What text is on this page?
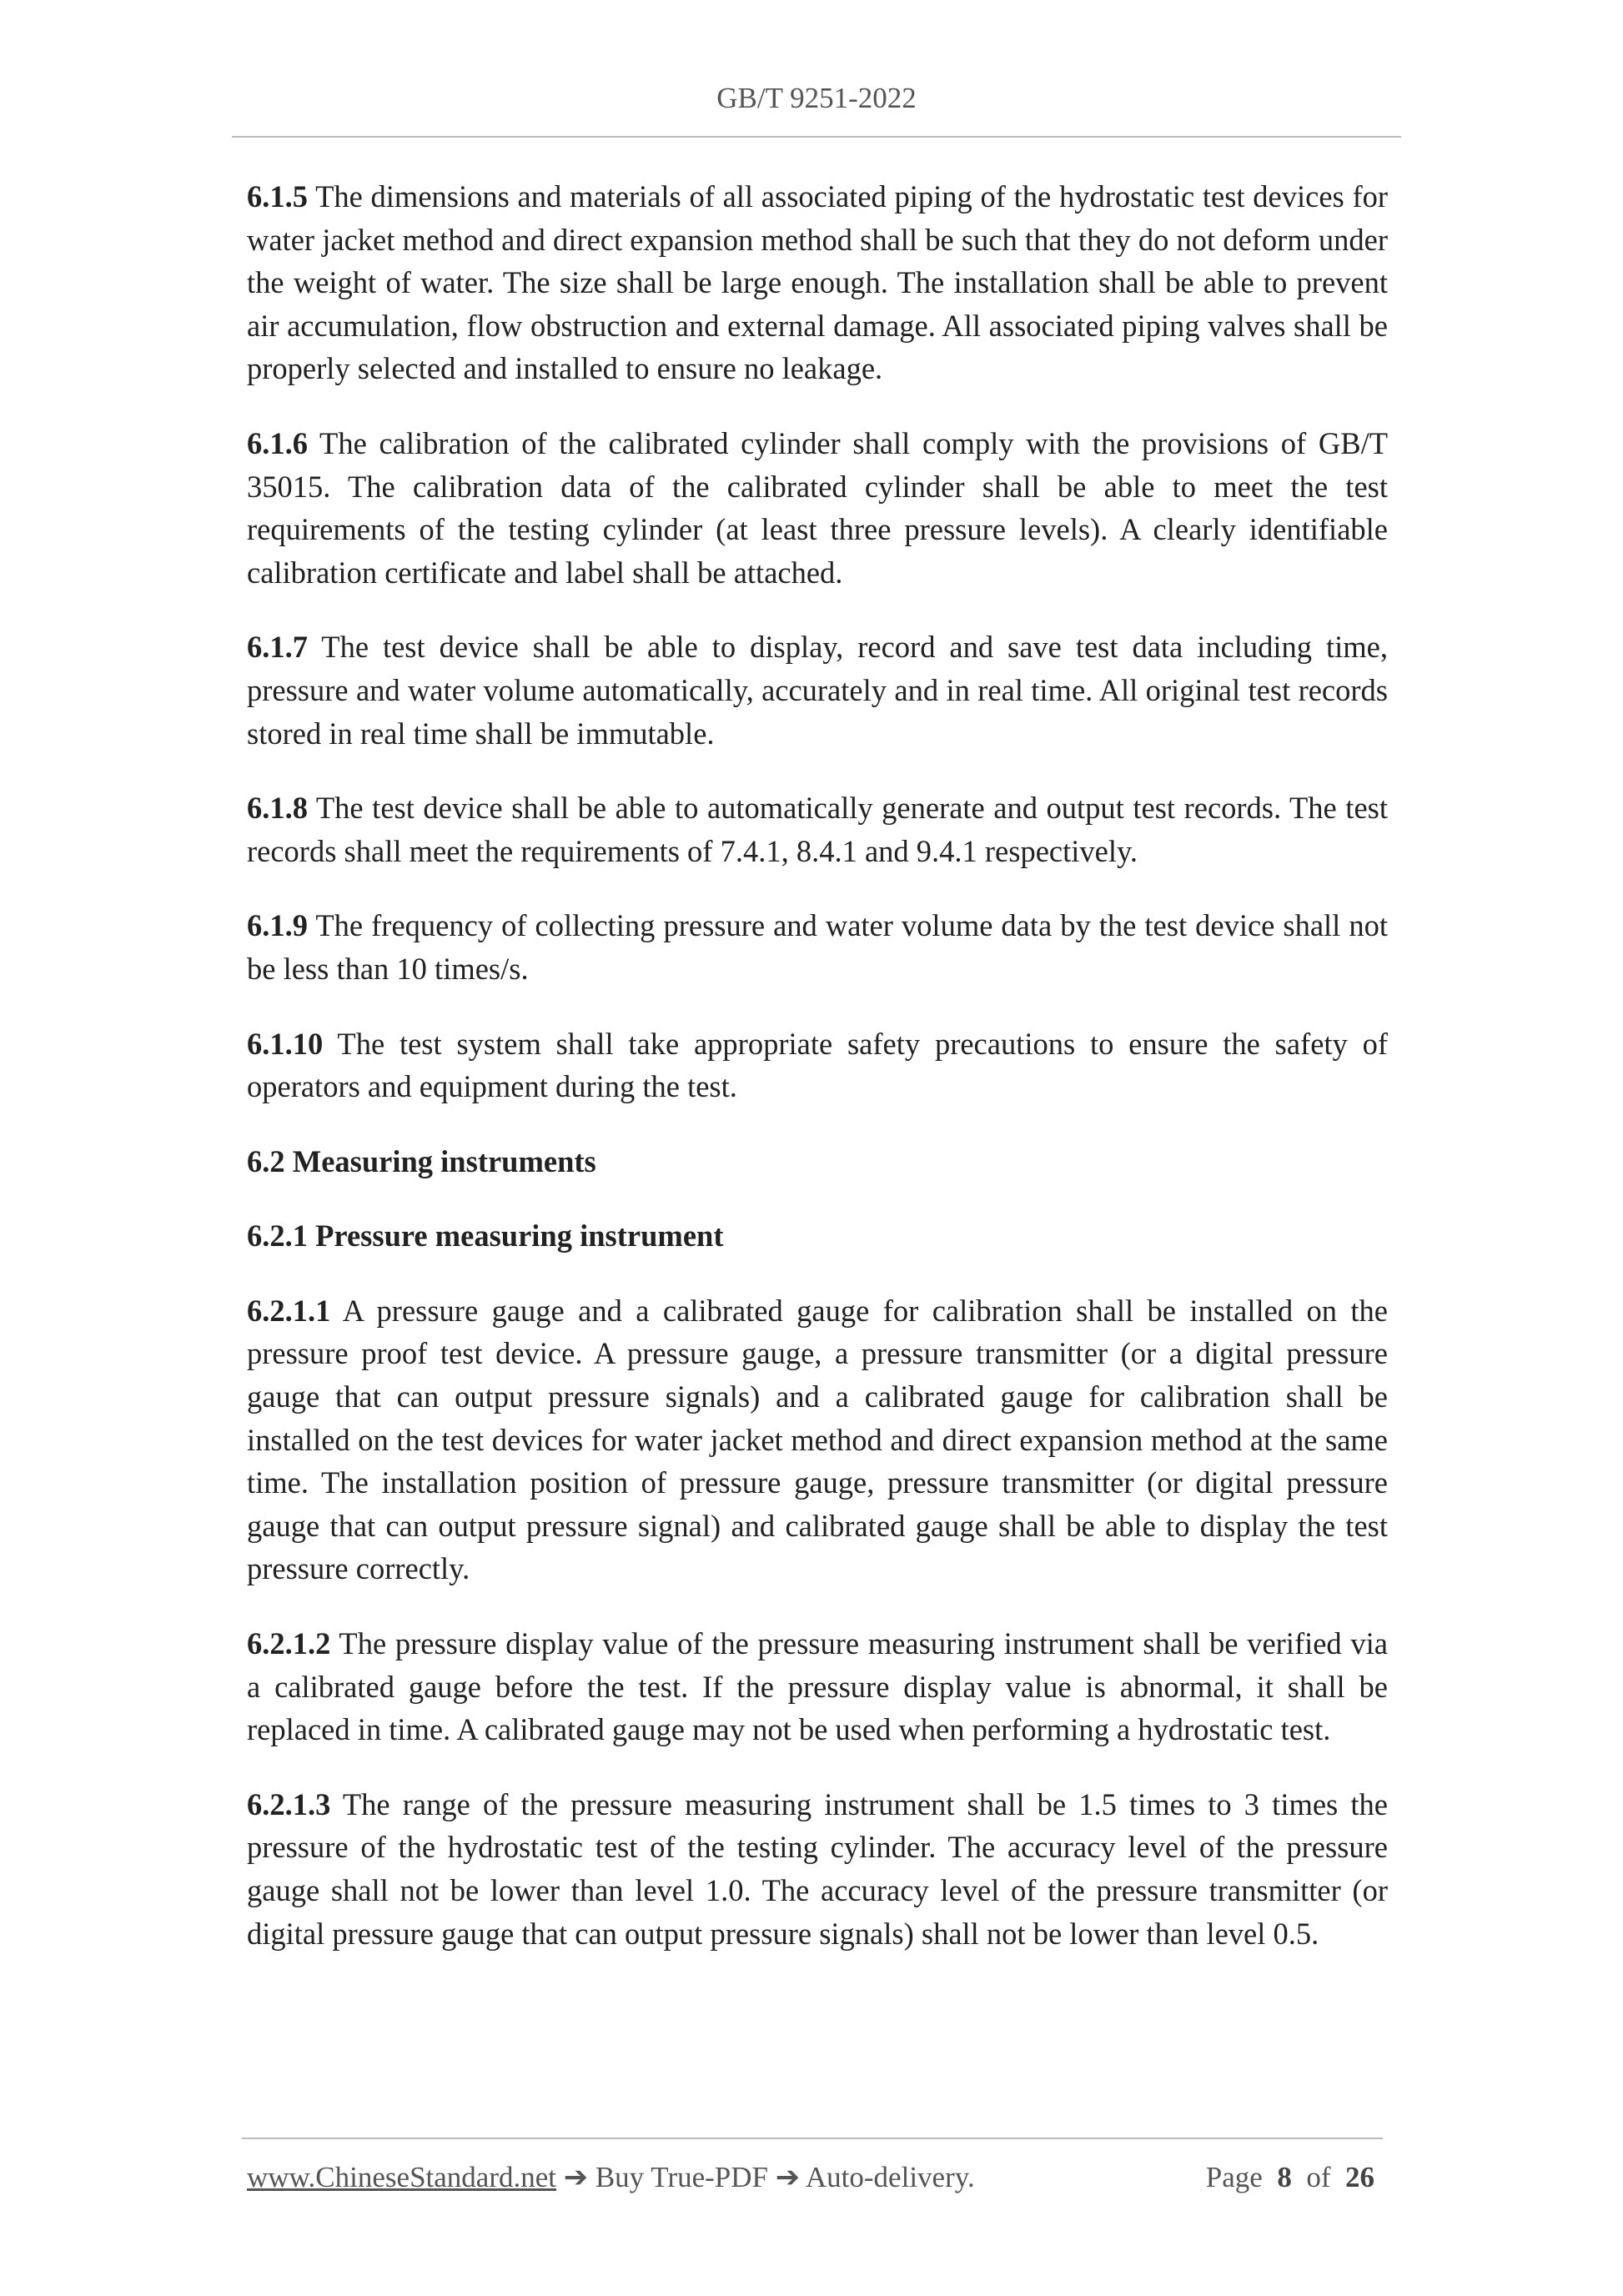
GB/T 9251-2022

6.1.5 The dimensions and materials of all associated piping of the hydrostatic test devices for water jacket method and direct expansion method shall be such that they do not deform under the weight of water. The size shall be large enough. The installation shall be able to prevent air accumulation, flow obstruction and external damage. All associated piping valves shall be properly selected and installed to ensure no leakage.

6.1.6 The calibration of the calibrated cylinder shall comply with the provisions of GB/T 35015. The calibration data of the calibrated cylinder shall be able to meet the test requirements of the testing cylinder (at least three pressure levels). A clearly identifiable calibration certificate and label shall be attached.

6.1.7 The test device shall be able to display, record and save test data including time, pressure and water volume automatically, accurately and in real time. All original test records stored in real time shall be immutable.

6.1.8 The test device shall be able to automatically generate and output test records. The test records shall meet the requirements of 7.4.1, 8.4.1 and 9.4.1 respectively.

6.1.9 The frequency of collecting pressure and water volume data by the test device shall not be less than 10 times/s.

6.1.10 The test system shall take appropriate safety precautions to ensure the safety of operators and equipment during the test.

6.2 Measuring instruments

6.2.1 Pressure measuring instrument

6.2.1.1 A pressure gauge and a calibrated gauge for calibration shall be installed on the pressure proof test device. A pressure gauge, a pressure transmitter (or a digital pressure gauge that can output pressure signals) and a calibrated gauge for calibration shall be installed on the test devices for water jacket method and direct expansion method at the same time. The installation position of pressure gauge, pressure transmitter (or digital pressure gauge that can output pressure signal) and calibrated gauge shall be able to display the test pressure correctly.

6.2.1.2 The pressure display value of the pressure measuring instrument shall be verified via a calibrated gauge before the test. If the pressure display value is abnormal, it shall be replaced in time. A calibrated gauge may not be used when performing a hydrostatic test.

6.2.1.3 The range of the pressure measuring instrument shall be 1.5 times to 3 times the pressure of the hydrostatic test of the testing cylinder. The accuracy level of the pressure gauge shall not be lower than level 1.0. The accuracy level of the pressure transmitter (or digital pressure gauge that can output pressure signals) shall not be lower than level 0.5.

www.ChineseStandard.net ➔ Buy True-PDF ➔ Auto-delivery.	Page 8 of 26
